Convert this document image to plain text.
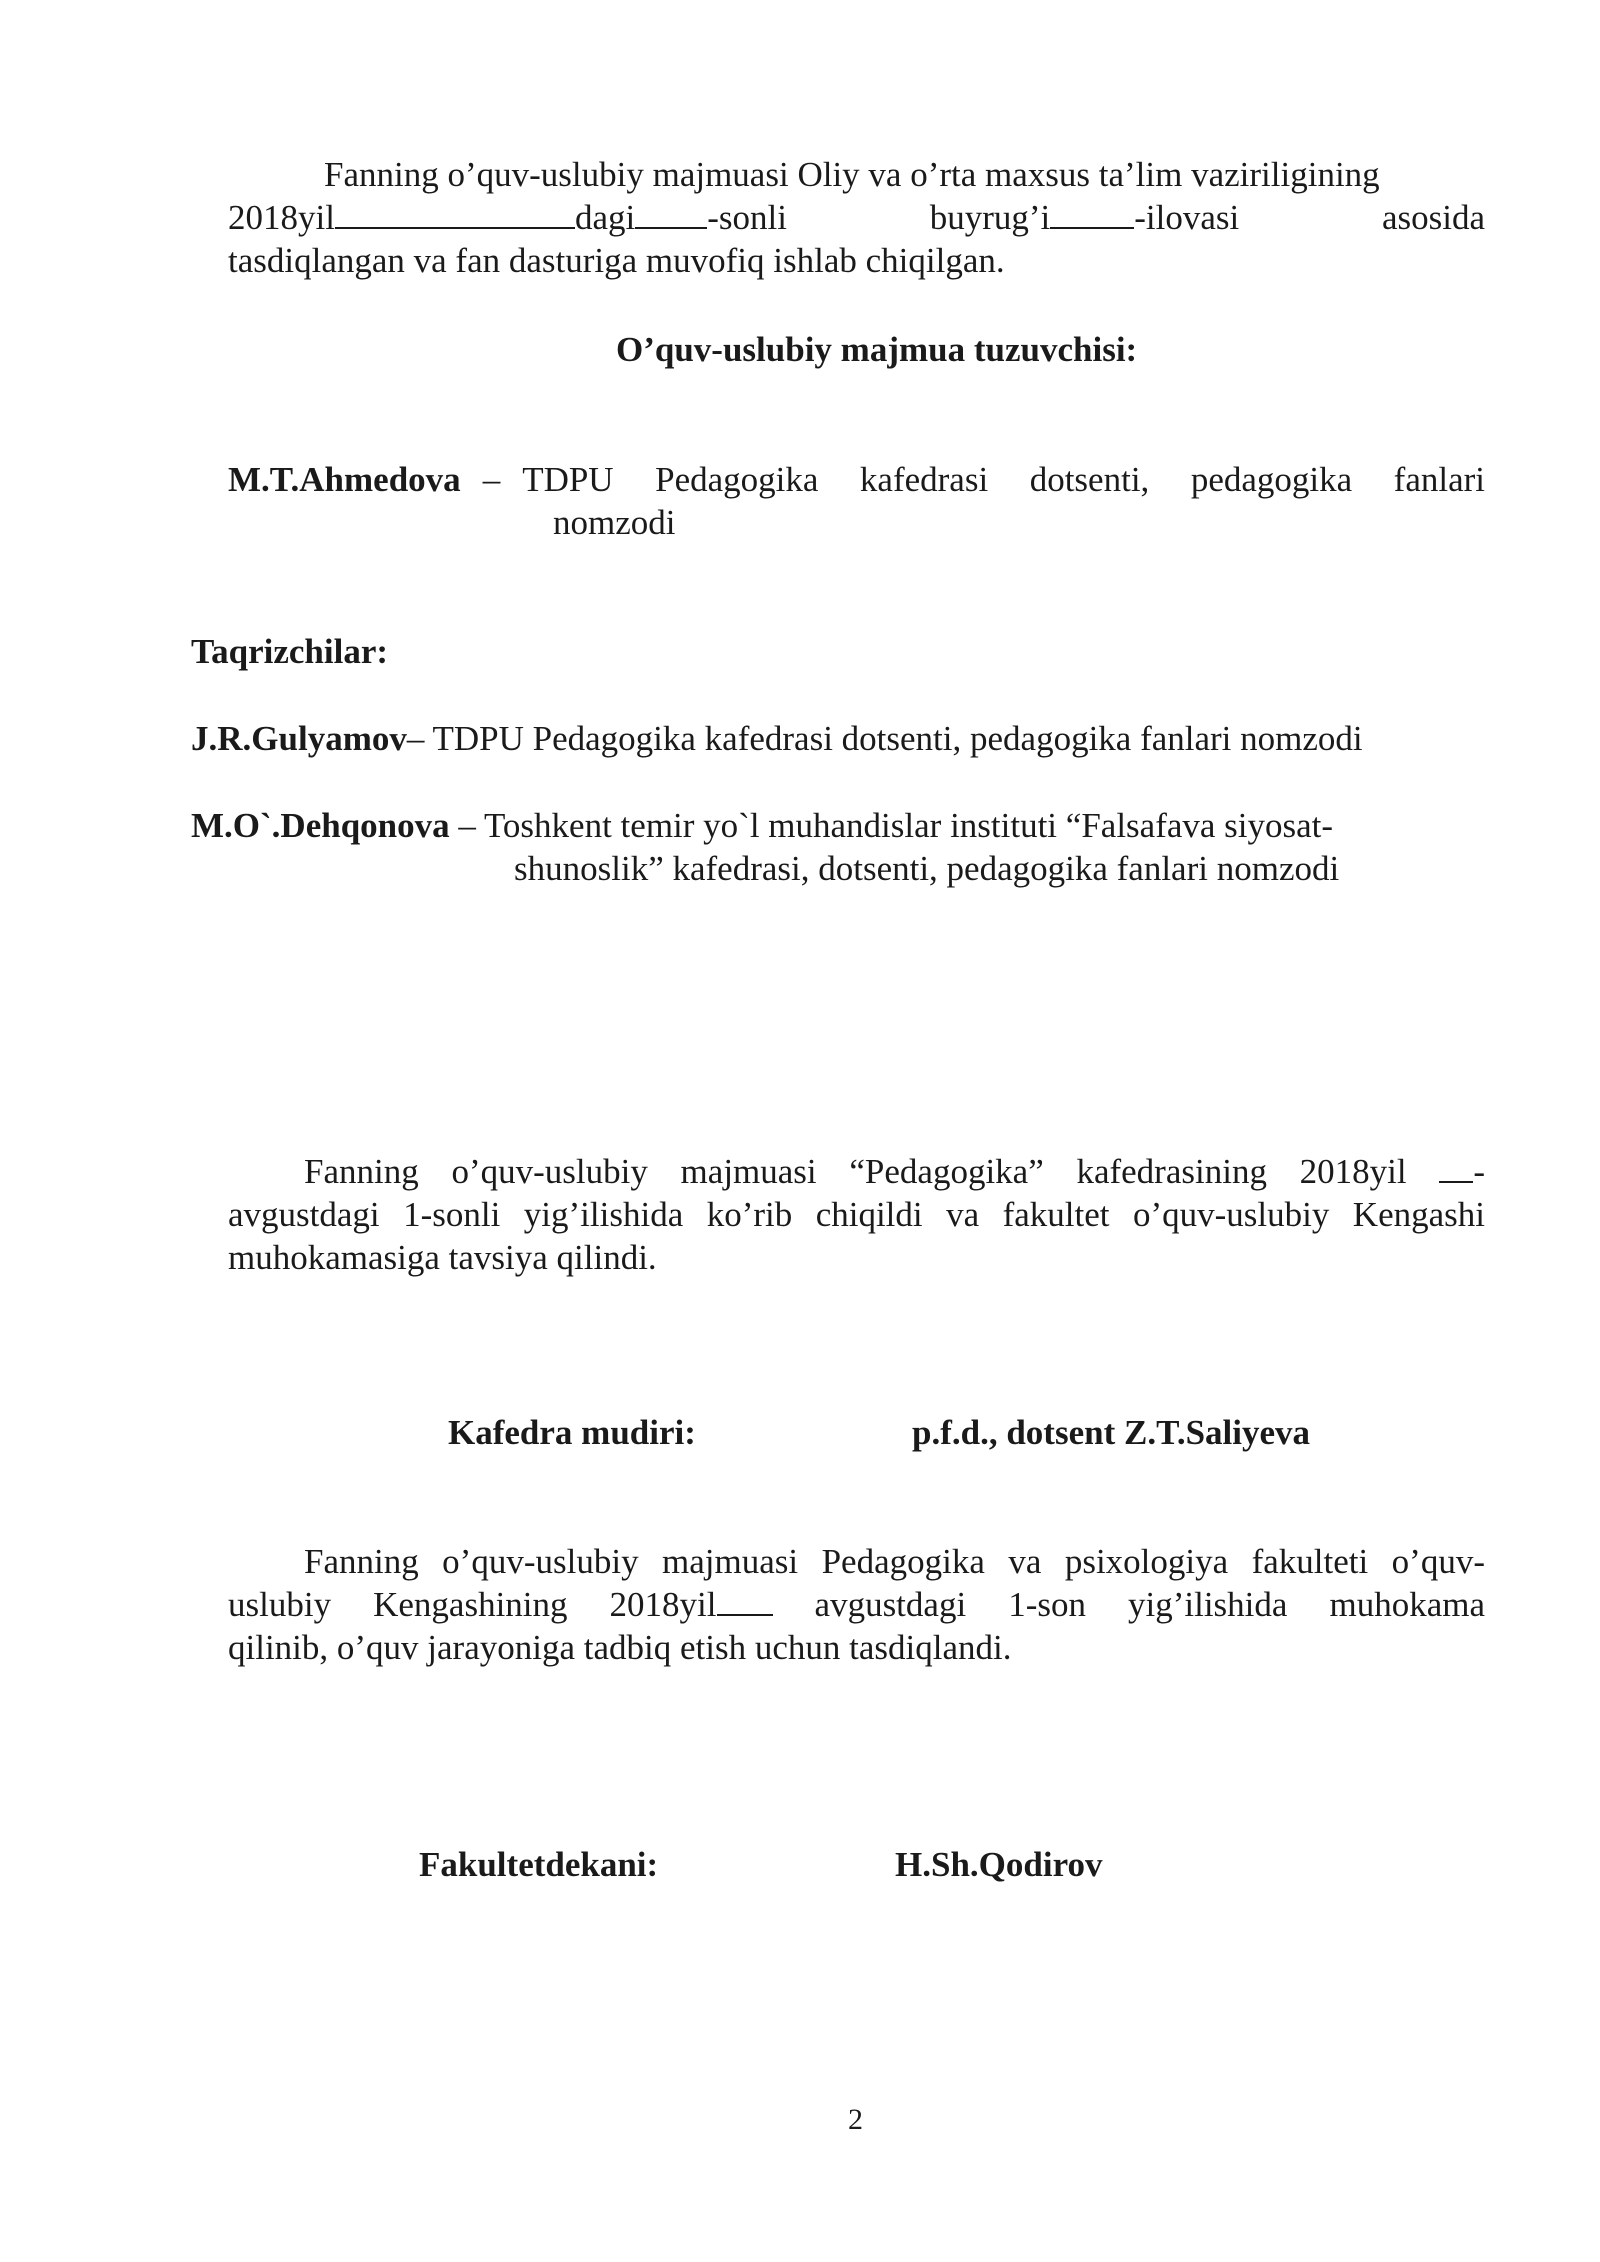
Fanning o’quv-uslubiy majmuasi Oliy va o’rta maxsus ta’lim vaziriligining
2018yil	dagi -sonli	buyrug’i -ilovasi	asosida
tasdiqlangan va fan dasturiga muvofiq ishlab chiqilgan.
O’quv-uslubiy majmua tuzuvchisi:
M.T.Ahmedova – TDPU Pedagogika kafedrasi dotsenti, pedagogika fanlari
nomzodi
Taqrizchilar:
J.R.Gulyamov– TDPU Pedagogika kafedrasi dotsenti, pedagogika fanlari nomzodi
M.O`.Dehqonova – Toshkent temir yo`l muhandislar instituti “Falsafava siyosat-
shunoslik” kafedrasi, dotsenti, pedagogika fanlari nomzodi
Fanning o’quv-uslubiy majmuasi “Pedagogika” kafedrasining 2018yil -
avgustdagi 1-sonli yig’ilishida ko’rib chiqildi va fakultet o’quv-uslubiy Kengashi
muhokamasiga tavsiya qilindi.
Kafedra mudiri:	p.f.d., dotsent Z.T.Saliyeva
Fanning o’quv-uslubiy majmuasi Pedagogika va psixologiya fakulteti o’quv-
uslubiy Kengashining 2018yil	avgustdagi 1-son yig’ilishida muhokama
qilinib, o’quv jarayoniga tadbiq etish uchun tasdiqlandi.
Fakultetdekani:	H.Sh.Qodirov
2
